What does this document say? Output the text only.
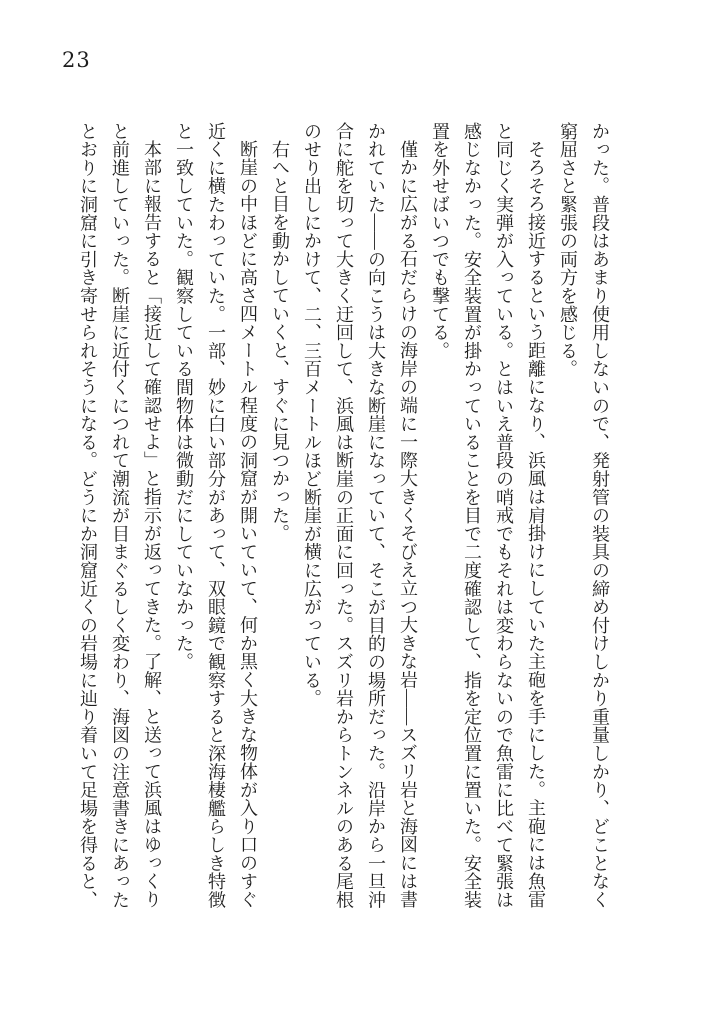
23

かった。普段はあまり使用しないので、発射管の装具の締め付けしかり重量しかり、どことなく窮屈さと緊張の両方を感じる。

そろそろ接近するという距離になり、浜風は肩掛けにしていた主砲を手にした。主砲には魚雷と同じく実弾が入っている。とはいえ普段の哨戒でもそれは変わらないので魚雷に比べて緊張は感じなかった。安全装置が掛かっていることを目で二度確認して、指を定位置に置いた。安全装置を外せばいつでも撃てる。

僅かに広がる石だらけの海岸の端に一際大きくそびえ立つ大きな岩――スズリ岩と海図には書かれていた――の向こうは大きな断崖になっていて、そこが目的の場所だった。沿岸から一旦沖合に舵を切って大きく迂回して、浜風は断崖の正面に回った。スズリ岩からトンネルのある尾根のせり出しにかけて、二、三百メートルほど断崖が横に広がっている。

右へと目を動かしていくと、すぐに見つかった。

断崖の中ほどに高さ四メートル程度の洞窟が開いていて、何か黒く大きな物体が入り口のすぐ近くに横たわっていた。一部、妙に白い部分があって、双眼鏡で観察すると深海棲艦らしき特徴と一致していた。観察している間物体は微動だにしていなかった。

本部に報告すると「接近して確認せよ」と指示が返ってきた。了解、と送って浜風はゆっくりと前進していった。断崖に近付くにつれて潮流が目まぐるしく変わり、海図の注意書きにあったとおりに洞窟に引き寄せられそうになる。どうにか洞窟近くの岩場に辿り着いて足場を得ると、
